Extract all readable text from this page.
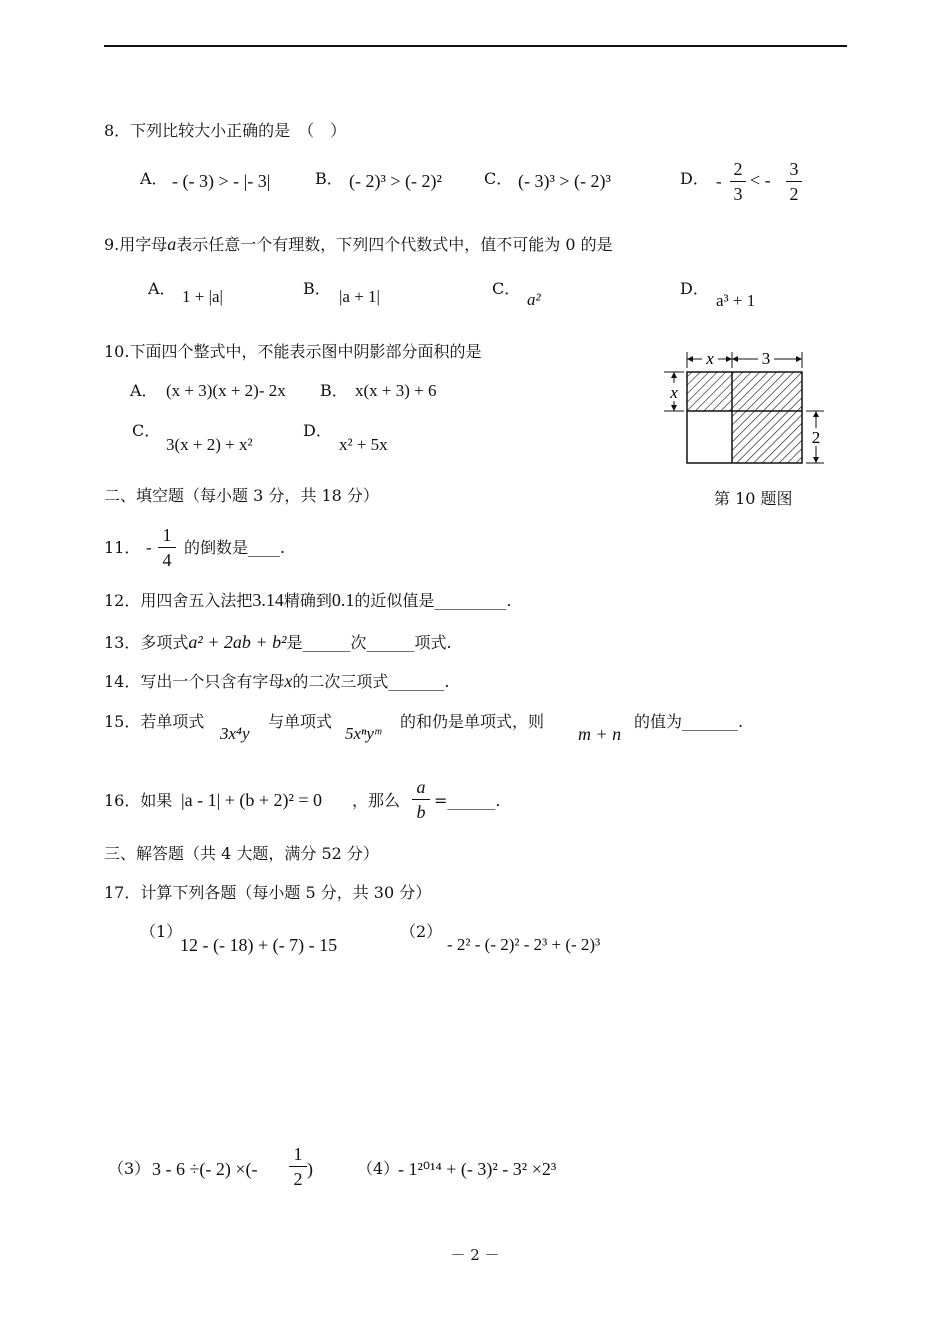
8．下列比较大小正确的是　（　）
A． - (- 3) > - |- 3|	B． (- 2)³ > (- 2)²	C． (- 3)³ > (- 2)³	D． -
2
3
< -
3
2
9.用字母a表示任意一个有理数，下列四个代数式中，值不可能为 0 的是
A． 1 + |a|	B． |a + 1|	C．
a²
D．
a³ + 1
10.下面四个整式中，不能表示图中阴影部分面积的是
A． (x + 3)(x + 2)- 2x B． x(x + 3) + 6
C．
3(x + 2) + x²
D．
x² + 5x
x	3
x
2
第 10 题图
二、填空题（每小题 3 分，共 18 分）
11． -
1
4
的倒数是____.
12．用四舍五入法把3.14精确到0.1的近似值是_________.
13．多项式a² + 2ab + b²是______次______项式.
14．写出一个只含有字母x的二次三项式_______.
15．若单项式
3x⁴y
与单项式
5xⁿyᵐ
的和仍是单项式，则
m + n
的值为_______.
16．如果 |a - 1| + (b + 2)² = 0 ，那么
a
b
=______.
三、解答题（共 4 大题，满分 52 分）
17．计算下列各题（每小题 5 分，共 30 分）
（1）
12 - (- 18) + (- 7) - 15
（2）
- 2² - (- 2)² - 2³ + (- 2)³
（3） 3 - 6 ÷(- 2) ×(-
1
2 )	（4）
- 1²⁰¹⁴ + (- 3)² - 3² ×2³
－ 2 －
